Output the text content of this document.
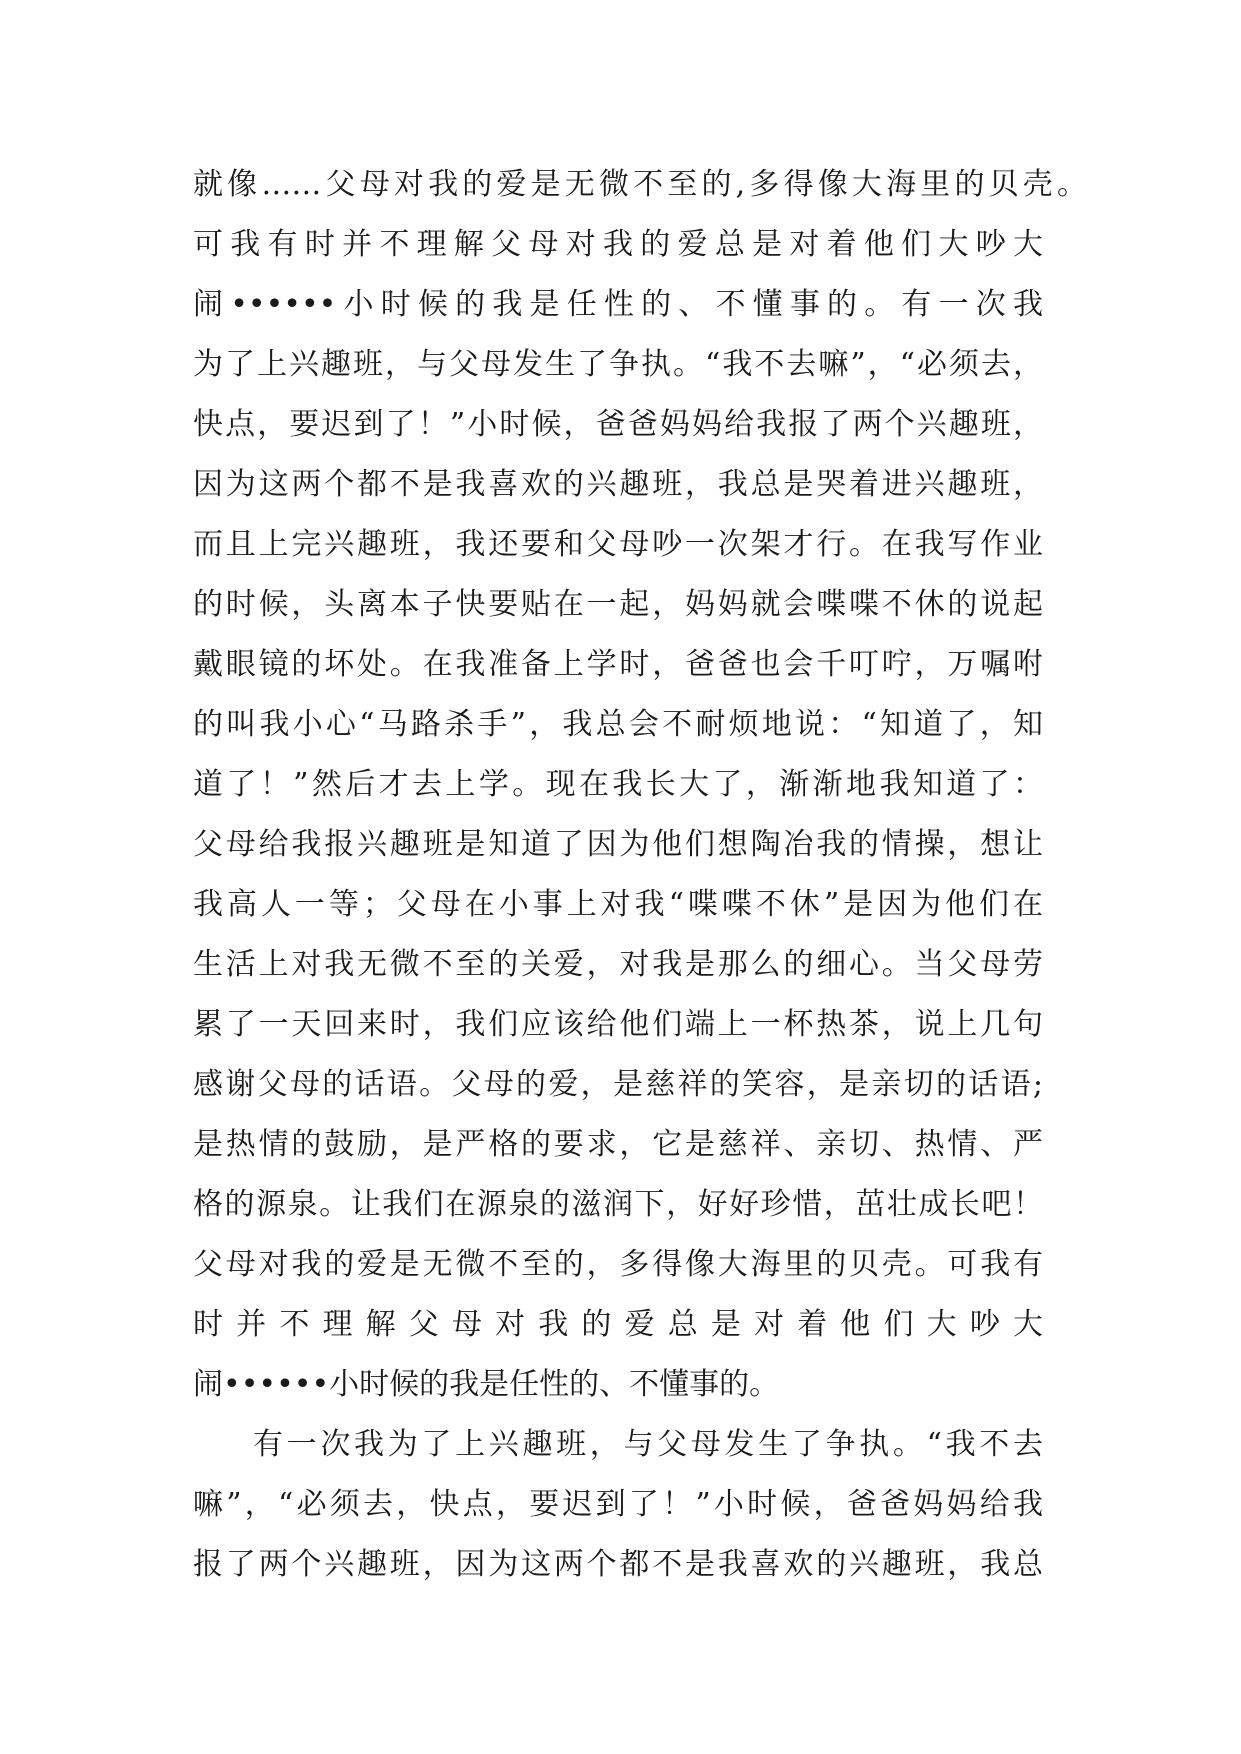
就像……父母对我的爱是无微不至的,多得像大海里的贝壳。
可我有时并不理解父母对我的爱总是对着他们大吵大
闹••••••小时候的我是任性的、不懂事的。有一次我
为了上兴趣班，与父母发生了争执。“我不去嘛”，“必须去，
快点，要迟到了！”小时候，爸爸妈妈给我报了两个兴趣班，
因为这两个都不是我喜欢的兴趣班，我总是哭着进兴趣班，
而且上完兴趣班，我还要和父母吵一次架才行。在我写作业
的时候，头离本子快要贴在一起，妈妈就会喋喋不休的说起
戴眼镜的坏处。在我准备上学时，爸爸也会千叮咛，万嘱咐
的叫我小心“马路杀手”，我总会不耐烦地说：“知道了，知
道了！”然后才去上学。现在我长大了，渐渐地我知道了：
父母给我报兴趣班是知道了因为他们想陶冶我的情操，想让
我高人一等；父母在小事上对我“喋喋不休”是因为他们在
生活上对我无微不至的关爱，对我是那么的细心。当父母劳
累了一天回来时，我们应该给他们端上一杯热茶，说上几句
感谢父母的话语。父母的爱，是慈祥的笑容，是亲切的话语;
是热情的鼓励，是严格的要求，它是慈祥、亲切、热情、严
格的源泉。让我们在源泉的滋润下，好好珍惜，茁壮成长吧！
父母对我的爱是无微不至的，多得像大海里的贝壳。可我有
时并不理解父母对我的爱总是对着他们大吵大
闹••••••小时候的我是任性的、不懂事的。
有一次我为了上兴趣班，与父母发生了争执。“我不去
嘛”，“必须去，快点，要迟到了！”小时候，爸爸妈妈给我
报了两个兴趣班，因为这两个都不是我喜欢的兴趣班，我总
